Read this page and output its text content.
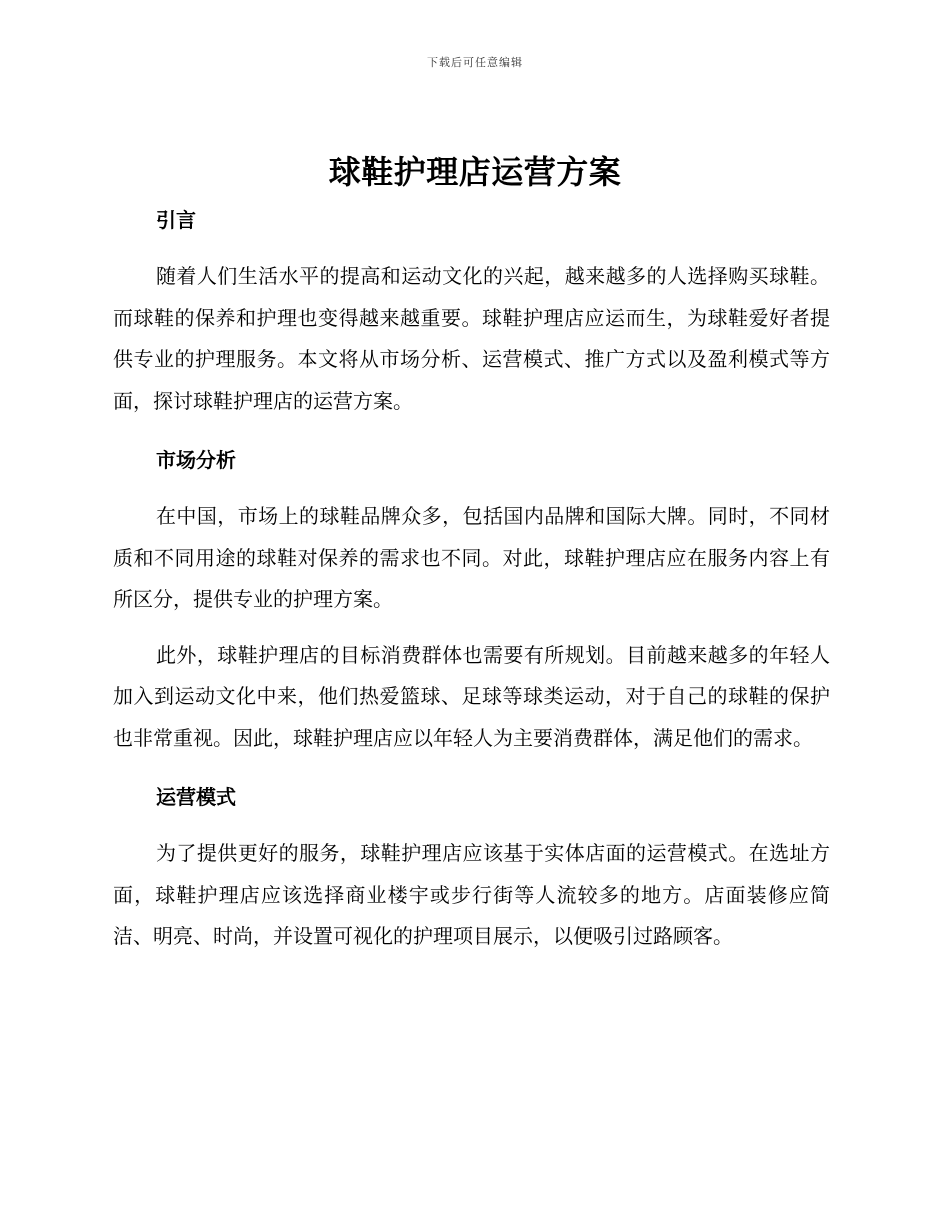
下载后可任意编辑
球鞋护理店运营方案
引言

随着人们生活水平的提高和运动文化的兴起，越来越多的人选择购买球鞋。而球鞋的保养和护理也变得越来越重要。球鞋护理店应运而生，为球鞋爱好者提供专业的护理服务。本文将从市场分析、运营模式、推广方式以及盈利模式等方面，探讨球鞋护理店的运营方案。

市场分析

在中国，市场上的球鞋品牌众多，包括国内品牌和国际大牌。同时，不同材质和不同用途的球鞋对保养的需求也不同。对此，球鞋护理店应在服务内容上有所区分，提供专业的护理方案。

此外，球鞋护理店的目标消费群体也需要有所规划。目前越来越多的年轻人加入到运动文化中来，他们热爱篮球、足球等球类运动，对于自己的球鞋的保护也非常重视。因此，球鞋护理店应以年轻人为主要消费群体，满足他们的需求。

运营模式

为了提供更好的服务，球鞋护理店应该基于实体店面的运营模式。在选址方面，球鞋护理店应该选择商业楼宇或步行街等人流较多的地方。店面装修应简洁、明亮、时尚，并设置可视化的护理项目展示，以便吸引过路顾客。
